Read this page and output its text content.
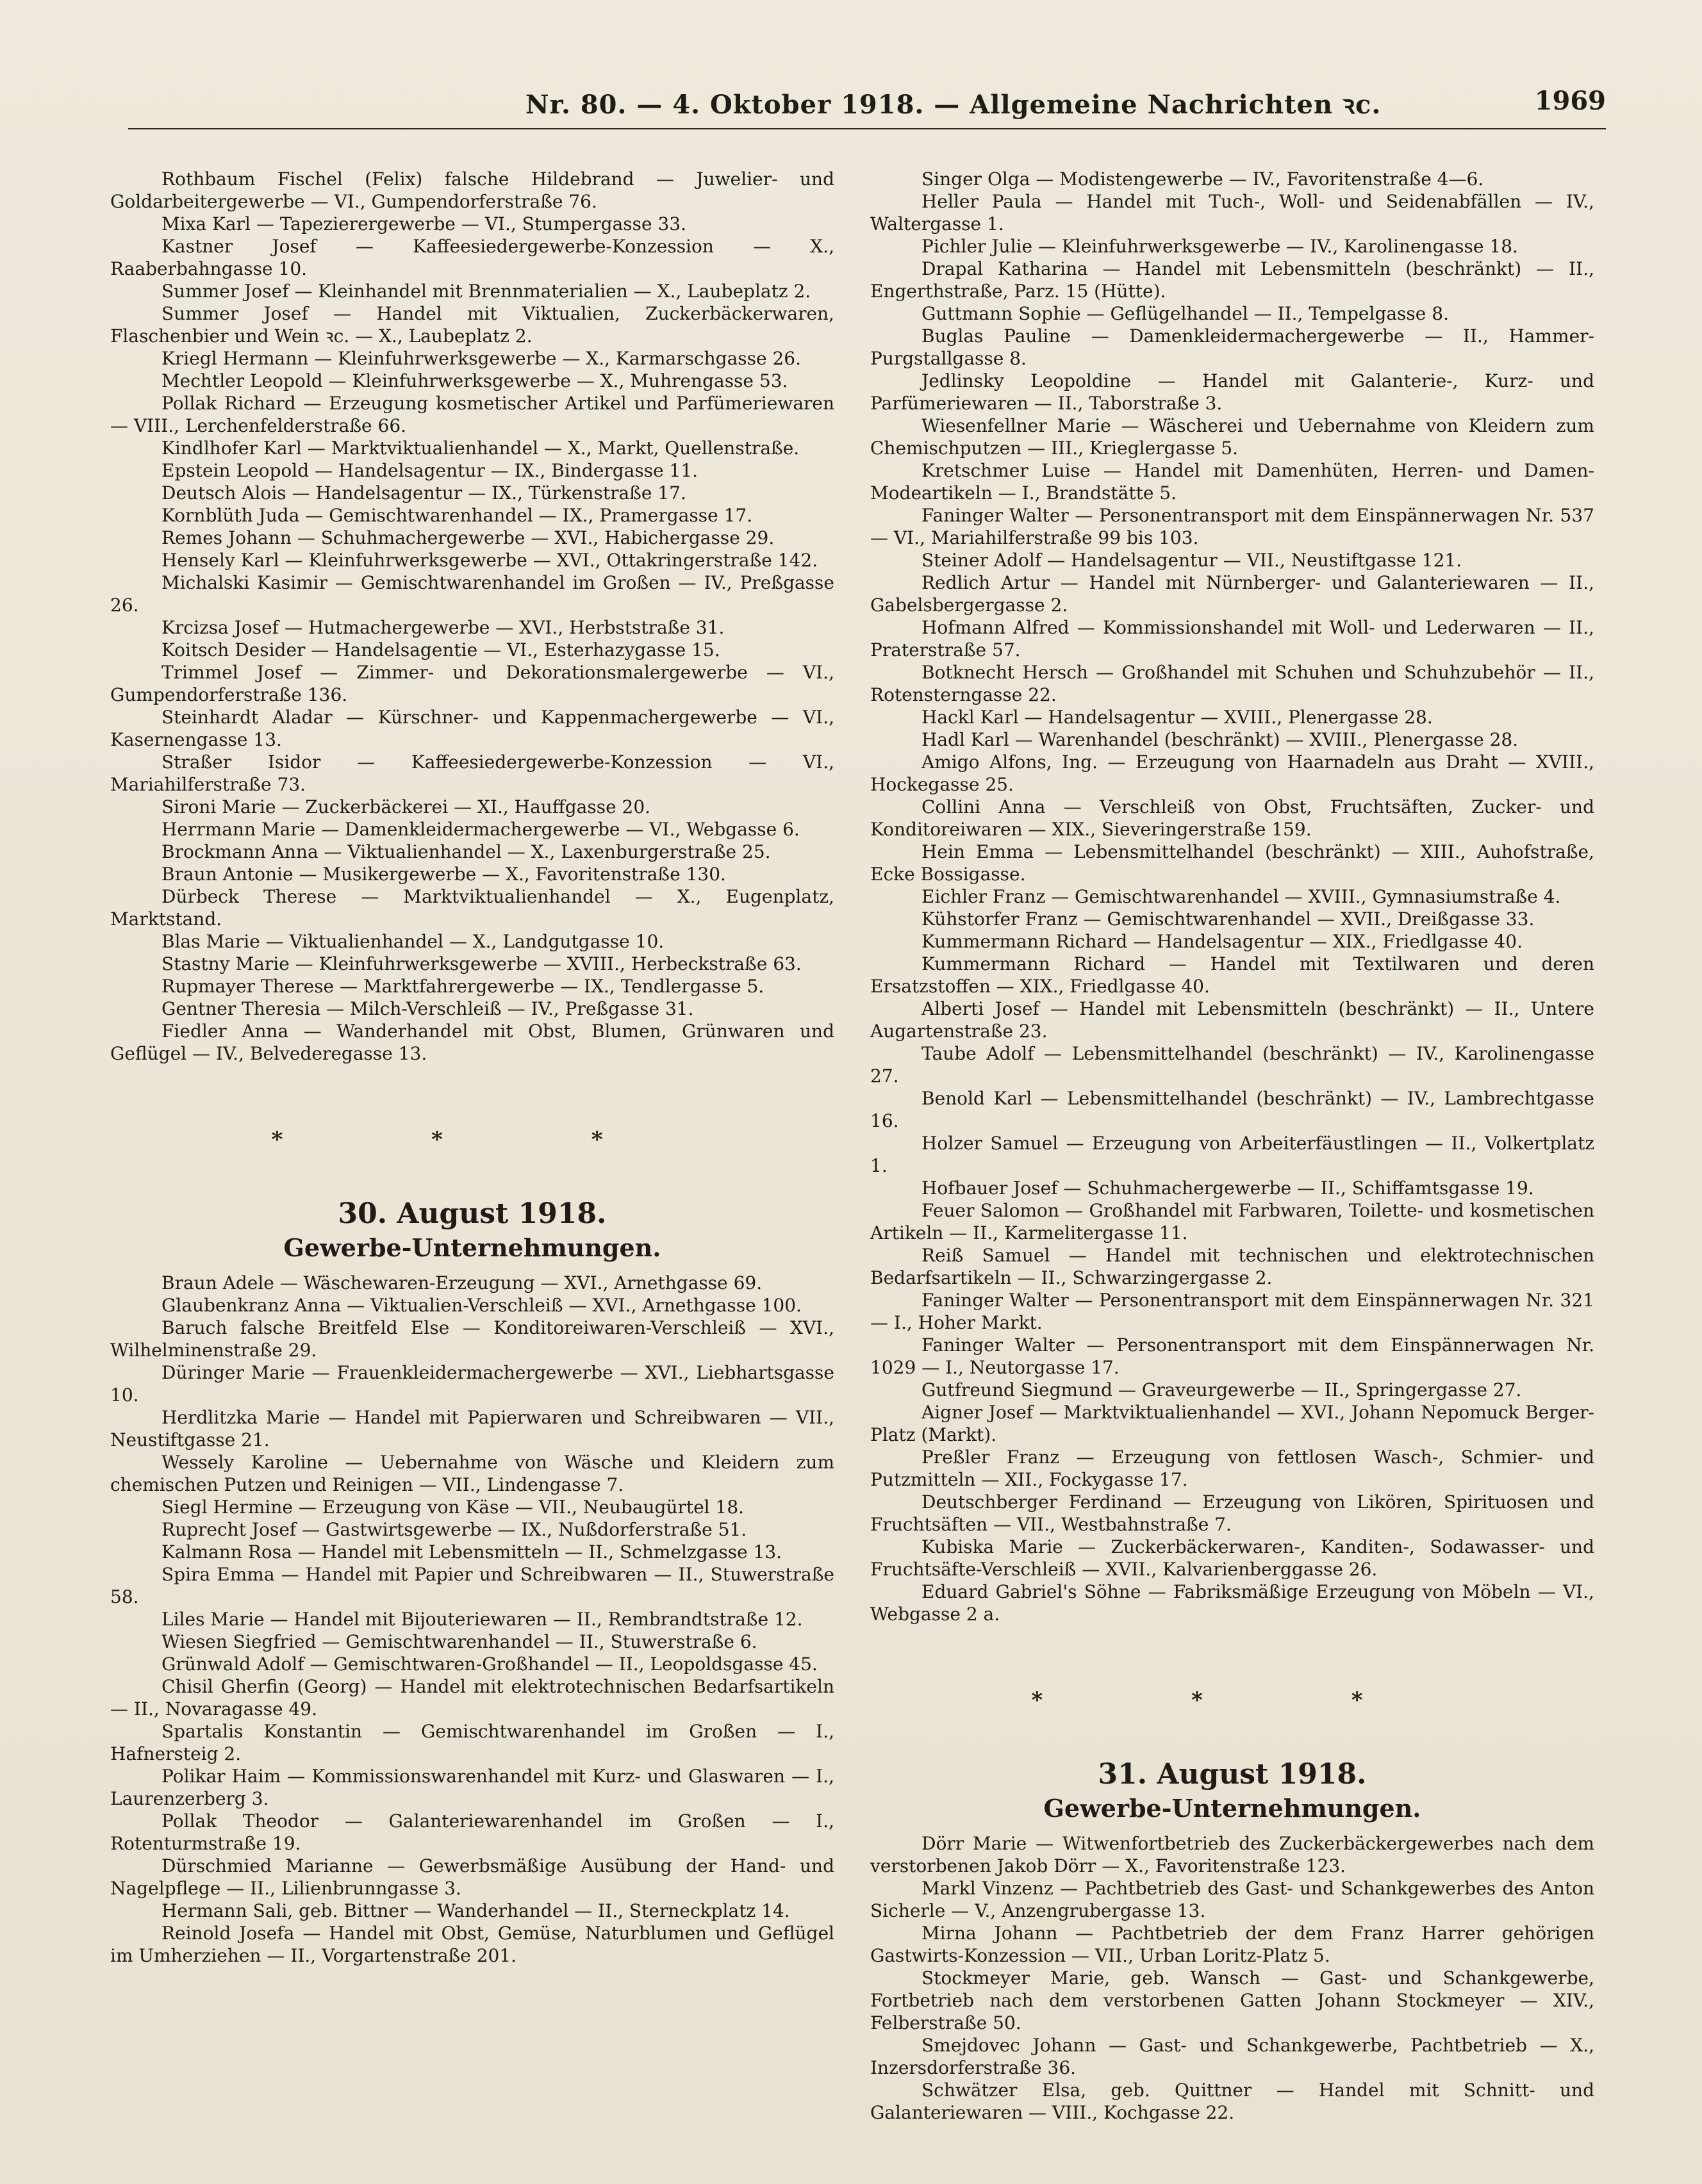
Nr. 80. — 4. Oktober 1918. — Allgemeine Nachrichten ꝛc.	1969

Rothbaum Fischel (Felix) falsche Hildebrand — Juwelier- und Goldarbeitergewerbe — VI., Gumpendorferstraße 76.

Mixa Karl — Tapezierergewerbe — VI., Stumpergasse 33.

Kastner Josef — Kaffeesiedergewerbe-Konzession — X., Raaberbahngasse 10.

Summer Josef — Kleinhandel mit Brennmaterialien — X., Laubeplatz 2.

Summer Josef — Handel mit Viktualien, Zuckerbäckerwaren, Flaschenbier und Wein ꝛc. — X., Laubeplatz 2.

Kriegl Hermann — Kleinfuhrwerksgewerbe — X., Karmarschgasse 26.

Mechtler Leopold — Kleinfuhrwerksgewerbe — X., Muhrengasse 53.

Pollak Richard — Erzeugung kosmetischer Artikel und Parfümeriewaren — VIII., Lerchenfelderstraße 66.

Kindlhofer Karl — Marktviktualienhandel — X., Markt, Quellenstraße.

Epstein Leopold — Handelsagentur — IX., Bindergasse 11.

Deutsch Alois — Handelsagentur — IX., Türkenstraße 17.

Kornblüth Juda — Gemischtwarenhandel — IX., Pramergasse 17.

Remes Johann — Schuhmachergewerbe — XVI., Habichergasse 29.

Hensely Karl — Kleinfuhrwerksgewerbe — XVI., Ottakringerstraße 142.

Michalski Kasimir — Gemischtwarenhandel im Großen — IV., Preßgasse 26.

Krcizsa Josef — Hutmachergewerbe — XVI., Herbststraße 31.

Koitsch Desider — Handelsagentie — VI., Esterhazygasse 15.

Trimmel Josef — Zimmer- und Dekorationsmalergewerbe — VI., Gumpendorferstraße 136.

Steinhardt Aladar — Kürschner- und Kappenmachergewerbe — VI., Kasernengasse 13.

Straßer Isidor — Kaffeesiedergewerbe-Konzession — VI., Mariahilferstraße 73.

Sironi Marie — Zuckerbäckerei — XI., Hauffgasse 20.

Herrmann Marie — Damenkleidermachergewerbe — VI., Webgasse 6.

Brockmann Anna — Viktualienhandel — X., Laxenburgerstraße 25.

Braun Antonie — Musikergewerbe — X., Favoritenstraße 130.

Dürbeck Therese — Marktviktualienhandel — X., Eugenplatz, Marktstand.

Blas Marie — Viktualienhandel — X., Landgutgasse 10.

Stastny Marie — Kleinfuhrwerksgewerbe — XVIII., Herbeckstraße 63.

Rupmayer Therese — Marktfahrergewerbe — IX., Tendlergasse 5.

Gentner Theresia — Milch-Verschleiß — IV., Preßgasse 31.

Fiedler Anna — Wanderhandel mit Obst, Blumen, Grünwaren und Geflügel — IV., Belvederegasse 13.

* * *
30. August 1918.
Gewerbe-Unternehmungen.

Braun Adele — Wäschewaren-Erzeugung — XVI., Arnethgasse 69.

Glaubenkranz Anna — Viktualien-Verschleiß — XVI., Arnethgasse 100.

Baruch falsche Breitfeld Else — Konditoreiwaren-Verschleiß — XVI., Wilhelminenstraße 29.

Düringer Marie — Frauenkleidermachergewerbe — XVI., Liebhartsgasse 10.

Herdlitzka Marie — Handel mit Papierwaren und Schreibwaren — VII., Neustiftgasse 21.

Wessely Karoline — Uebernahme von Wäsche und Kleidern zum chemischen Putzen und Reinigen — VII., Lindengasse 7.

Siegl Hermine — Erzeugung von Käse — VII., Neubaugürtel 18.

Ruprecht Josef — Gastwirtsgewerbe — IX., Nußdorferstraße 51.

Kalmann Rosa — Handel mit Lebensmitteln — II., Schmelzgasse 13.

Spira Emma — Handel mit Papier und Schreibwaren — II., Stuwerstraße 58.

Liles Marie — Handel mit Bijouteriewaren — II., Rembrandtstraße 12.

Wiesen Siegfried — Gemischtwarenhandel — II., Stuwerstraße 6.

Grünwald Adolf — Gemischtwaren-Großhandel — II., Leopoldsgasse 45.

Chisil Gherfin (Georg) — Handel mit elektrotechnischen Bedarfsartikeln — II., Novaragasse 49.

Spartalis Konstantin — Gemischtwarenhandel im Großen — I., Hafnersteig 2.

Polikar Haim — Kommissionswarenhandel mit Kurz- und Glaswaren — I., Laurenzerberg 3.

Pollak Theodor — Galanteriewarenhandel im Großen — I., Rotenturmstraße 19.

Dürschmied Marianne — Gewerbsmäßige Ausübung der Hand- und Nagelpflege — II., Lilienbrunngasse 3.

Hermann Sali, geb. Bittner — Wanderhandel — II., Sterneckplatz 14.

Reinold Josefa — Handel mit Obst, Gemüse, Naturblumen und Geflügel im Umherziehen — II., Vorgartenstraße 201.

Singer Olga — Modistengewerbe — IV., Favoritenstraße 4—6.

Heller Paula — Handel mit Tuch-, Woll- und Seidenabfällen — IV., Waltergasse 1.

Pichler Julie — Kleinfuhrwerksgewerbe — IV., Karolinengasse 18.

Drapal Katharina — Handel mit Lebensmitteln (beschränkt) — II., Engerthstraße, Parz. 15 (Hütte).

Guttmann Sophie — Geflügelhandel — II., Tempelgasse 8.

Buglas Pauline — Damenkleidermachergewerbe — II., Hammer-Purgstallgasse 8.

Jedlinsky Leopoldine — Handel mit Galanterie-, Kurz- und Parfümeriewaren — II., Taborstraße 3.

Wiesenfellner Marie — Wäscherei und Uebernahme von Kleidern zum Chemischputzen — III., Krieglergasse 5.

Kretschmer Luise — Handel mit Damenhüten, Herren- und Damen-Modeartikeln — I., Brandstätte 5.

Faninger Walter — Personentransport mit dem Einspännerwagen Nr. 537 — VI., Mariahilferstraße 99 bis 103.

Steiner Adolf — Handelsagentur — VII., Neustiftgasse 121.

Redlich Artur — Handel mit Nürnberger- und Galanteriewaren — II., Gabelsbergergasse 2.

Hofmann Alfred — Kommissionshandel mit Woll- und Lederwaren — II., Praterstraße 57.

Botknecht Hersch — Großhandel mit Schuhen und Schuhzubehör — II., Rotensterngasse 22.

Hackl Karl — Handelsagentur — XVIII., Plenergasse 28.

Hadl Karl — Warenhandel (beschränkt) — XVIII., Plenergasse 28.

Amigo Alfons, Ing. — Erzeugung von Haarnadeln aus Draht — XVIII., Hockegasse 25.

Collini Anna — Verschleiß von Obst, Fruchtsäften, Zucker- und Konditoreiwaren — XIX., Sieveringerstraße 159.

Hein Emma — Lebensmittelhandel (beschränkt) — XIII., Auhofstraße, Ecke Bossigasse.

Eichler Franz — Gemischtwarenhandel — XVIII., Gymnasiumstraße 4.

Kühstorfer Franz — Gemischtwarenhandel — XVII., Dreißgasse 33.

Kummermann Richard — Handelsagentur — XIX., Friedlgasse 40.

Kummermann Richard — Handel mit Textilwaren und deren Ersatzstoffen — XIX., Friedlgasse 40.

Alberti Josef — Handel mit Lebensmitteln (beschränkt) — II., Untere Augartenstraße 23.

Taube Adolf — Lebensmittelhandel (beschränkt) — IV., Karolinengasse 27.

Benold Karl — Lebensmittelhandel (beschränkt) — IV., Lambrechtgasse 16.

Holzer Samuel — Erzeugung von Arbeiterfäustlingen — II., Volkertplatz 1.

Hofbauer Josef — Schuhmachergewerbe — II., Schiffamtsgasse 19.

Feuer Salomon — Großhandel mit Farbwaren, Toilette- und kosmetischen Artikeln — II., Karmelitergasse 11.

Reiß Samuel — Handel mit technischen und elektrotechnischen Bedarfsartikeln — II., Schwarzingergasse 2.

Faninger Walter — Personentransport mit dem Einspännerwagen Nr. 321 — I., Hoher Markt.

Faninger Walter — Personentransport mit dem Einspännerwagen Nr. 1029 — I., Neutorgasse 17.

Gutfreund Siegmund — Graveurgewerbe — II., Springergasse 27.

Aigner Josef — Marktviktualienhandel — XVI., Johann Nepomuck Berger-Platz (Markt).

Preßler Franz — Erzeugung von fettlosen Wasch-, Schmier- und Putzmitteln — XII., Fockygasse 17.

Deutschberger Ferdinand — Erzeugung von Likören, Spirituosen und Fruchtsäften — VII., Westbahnstraße 7.

Kubiska Marie — Zuckerbäckerwaren-, Kanditen-, Sodawasser- und Fruchtsäfte-Verschleiß — XVII., Kalvarienberggasse 26.

Eduard Gabriel's Söhne — Fabriksmäßige Erzeugung von Möbeln — VI., Webgasse 2 a.

* * *
31. August 1918.
Gewerbe-Unternehmungen.

Dörr Marie — Witwenfortbetrieb des Zuckerbäckergewerbes nach dem verstorbenen Jakob Dörr — X., Favoritenstraße 123.

Markl Vinzenz — Pachtbetrieb des Gast- und Schankgewerbes des Anton Sicherle — V., Anzengrubergasse 13.

Mirna Johann — Pachtbetrieb der dem Franz Harrer gehörigen Gastwirts-Konzession — VII., Urban Loritz-Platz 5.

Stockmeyer Marie, geb. Wansch — Gast- und Schankgewerbe, Fortbetrieb nach dem verstorbenen Gatten Johann Stockmeyer — XIV., Felberstraße 50.

Smejdovec Johann — Gast- und Schankgewerbe, Pachtbetrieb — X., Inzersdorferstraße 36.

Schwätzer Elsa, geb. Quittner — Handel mit Schnitt- und Galanteriewaren — VIII., Kochgasse 22.
